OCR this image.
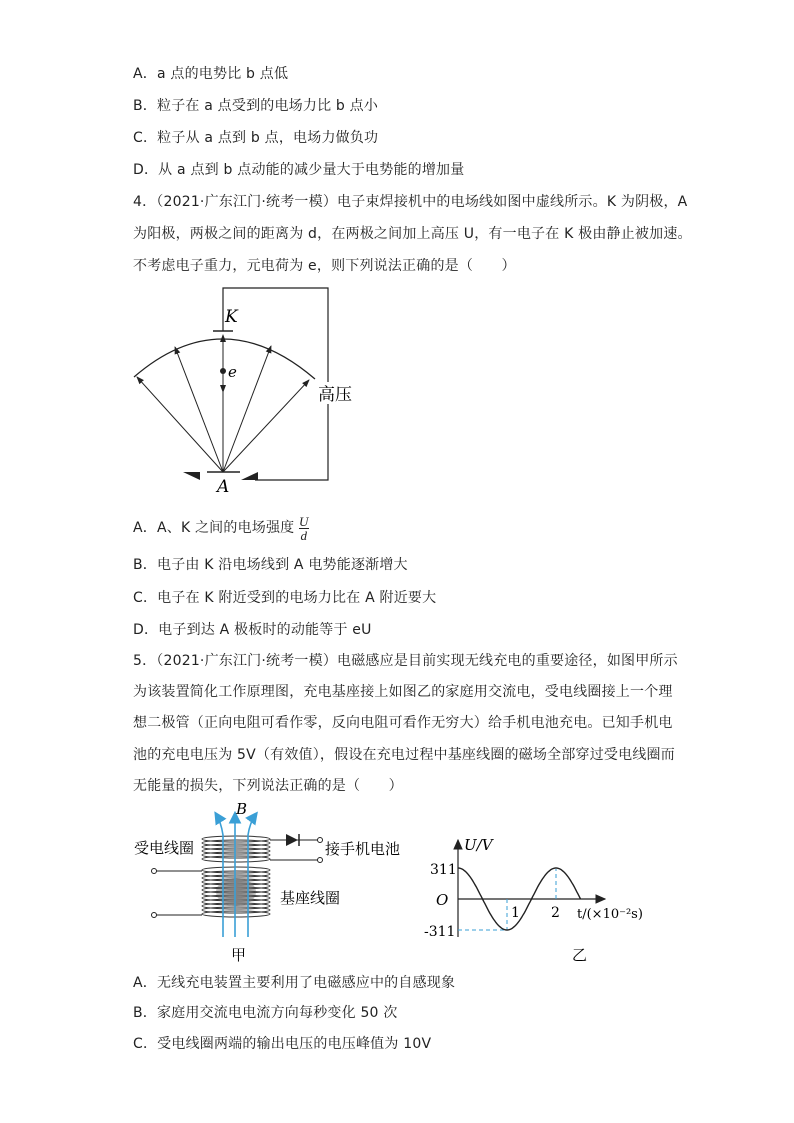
A．a 点的电势比 b 点低
B．粒子在 a 点受到的电场力比 b 点小
C．粒子从 a 点到 b 点，电场力做负功
D．从 a 点到 b 点动能的减少量大于电势能的增加量
4．（2021·广东江门·统考一模）电子束焊接机中的电场线如图中虚线所示。K 为阴极，A
为阳极，两极之间的距离为 d，在两极之间加上高压 U，有一电子在 K 极由静止被加速。
不考虑电子重力，元电荷为 e，则下列说法正确的是（　　）
K
A
e
高压
A．A、K 之间的电场强度 $\frac{U}{d}$
B．电子由 K 沿电场线到 A 电势能逐渐增大
C．电子在 K 附近受到的电场力比在 A 附近要大
D．电子到达 A 极板时的动能等于 eU
5．（2021·广东江门·统考一模）电磁感应是目前实现无线充电的重要途径，如图甲所示
为该装置简化工作原理图，充电基座接上如图乙的家庭用交流电，受电线圈接上一个理
想二极管（正向电阻可看作零，反向电阻可看作无穷大）给手机电池充电。已知手机电
池的充电电压为 5V（有效值），假设在充电过程中基座线圈的磁场全部穿过受电线圈而
无能量的损失，下列说法正确的是（　　）
B
受电线圈	接手机电池
基座线圈
甲
U/V
311
O
-311
1 2 t/(×10⁻²s)
乙
A．无线充电装置主要利用了电磁感应中的自感现象
B．家庭用交流电电流方向每秒变化 50 次
C．受电线圈两端的输出电压的电压峰值为 10V
